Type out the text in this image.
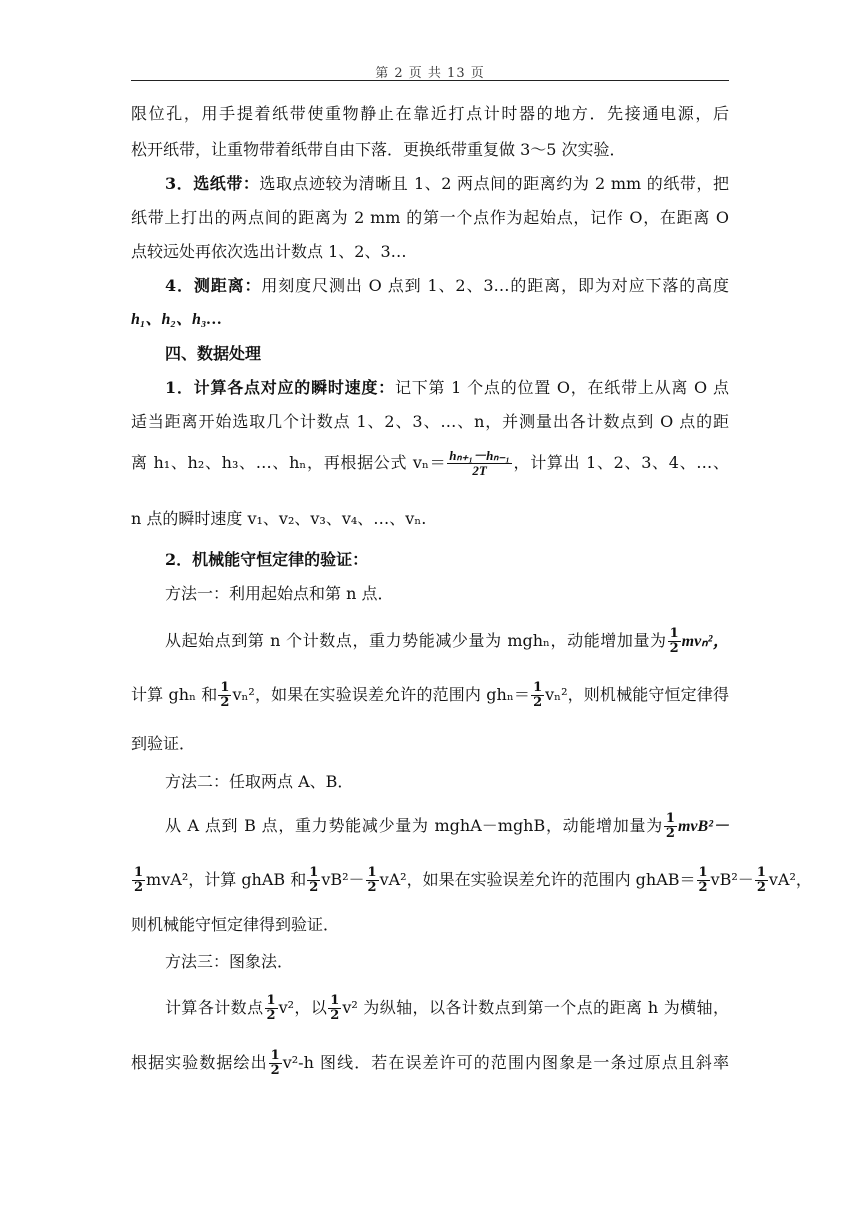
第 2 页 共 13 页
限位孔，用手提着纸带使重物静止在靠近打点计时器的地方．先接通电源，后
松开纸带，让重物带着纸带自由下落．更换纸带重复做 3～5 次实验．
3．选纸带：选取点迹较为清晰且 1、2 两点间的距离约为 2 mm 的纸带，把
纸带上打出的两点间的距离为 2 mm 的第一个点作为起始点，记作 O，在距离 O
点较远处再依次选出计数点 1、2、3…
4．测距离：用刻度尺测出 O 点到 1、2、3…的距离，即为对应下落的高度
h₁、h₂、h₃…
四、数据处理
1．计算各点对应的瞬时速度：记下第 1 个点的位置 O，在纸带上从离 O 点
适当距离开始选取几个计数点 1、2、3、…、n，并测量出各计数点到 O 点的距
离 h₁、h₂、h₃、…、hₙ，再根据公式 $v_n= \frac{\text{hₙ₊₁－hₙ₋₁}}{2T}$ ，计算出 1、2、3、4、…、
n 点的瞬时速度 v₁、v₂、v₃、v₄、…、vₙ.
2．机械能守恒定律的验证：
方法一：利用起始点和第 n 点．
从起始点到第 n 个计数点，重力势能减少量为 mghₙ，动能增加量为 $\frac{1}{2} mv_n^2$，
计算 ghₙ 和 $\frac{1}{2} v_n^2$，如果在实验误差允许的范围内 $gh_n= \frac{1}{2} v_n^2$，则机械能守恒定律得
到验证．
方法二：任取两点 A、B．
从 A 点到 B 点，重力势能减少量为 mghA－mghB，动能增加量为 $\frac{1}{2} mvB^2-$
$\frac{1}{2} mvA^2$，计算 ghAB 和 $\frac{1}{2} vB^2- \frac{1}{2} vA^2$，如果在实验误差允许的范围内 ghAB＝ $\frac{1}{2} vB^2- \frac{1}{2} vA^2$，
则机械能守恒定律得到验证．
方法三：图象法．
计算各计数点 $\frac{1}{2} v^2$，以 $\frac{1}{2} v^2$ 为纵轴，以各计数点到第一个点的距离 h 为横轴，
根据实验数据绘出 $\frac{1}{2} v^2-h$ 图线．若在误差许可的范围内图象是一条过原点且斜率
